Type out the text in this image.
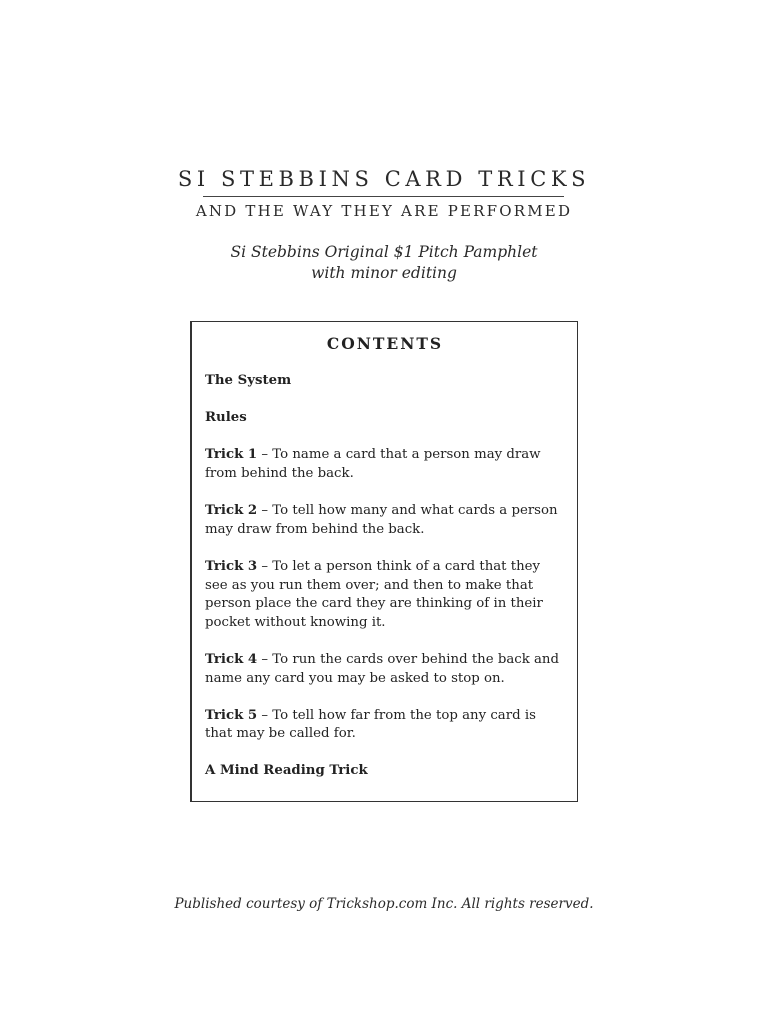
SI STEBBINS CARD TRICKS
AND THE WAY THEY ARE PERFORMED
Si Stebbins Original $1 Pitch Pamphlet
with minor editing
CONTENTS
The System
Rules
Trick 1 – To name a card that a person may draw from behind the back.
Trick 2 – To tell how many and what cards a person may draw from behind the back.
Trick 3 – To let a person think of a card that they see as you run them over; and then to make that person place the card they are thinking of in their pocket without knowing it.
Trick 4 – To run the cards over behind the back and name any card you may be asked to stop on.
Trick 5 – To tell how far from the top any card is that may be called for.
A Mind Reading Trick
Published courtesy of Trickshop.com Inc. All rights reserved.
